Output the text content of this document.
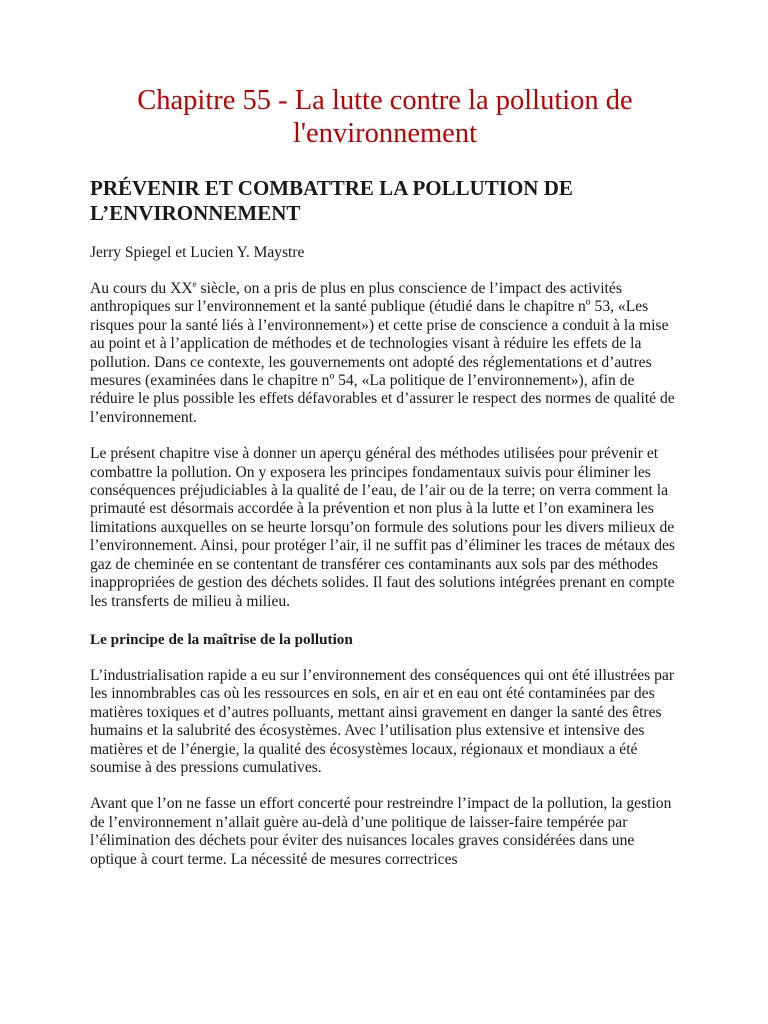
Chapitre 55 - La lutte contre la pollution de l'environnement
PRÉVENIR ET COMBATTRE LA POLLUTION DE L’ENVIRONNEMENT
Jerry Spiegel et Lucien Y. Maystre

Au cours du XXe siècle, on a pris de plus en plus conscience de l’impact des activités anthropiques sur l’environnement et la santé publique (étudié dans le chapitre nº 53, «Les risques pour la santé liés à l’environnement») et cette prise de conscience a conduit à la mise au point et à l’application de méthodes et de technologies visant à réduire les effets de la pollution. Dans ce contexte, les gouvernements ont adopté des réglementations et d’autres mesures (examinées dans le chapitre nº 54, «La politique de l’environnement»), afin de réduire le plus possible les effets défavorables et d’assurer le respect des normes de qualité de l’environnement.

Le présent chapitre vise à donner un aperçu général des méthodes utilisées pour prévenir et combattre la pollution. On y exposera les principes fondamentaux suivis pour éliminer les conséquences préjudiciables à la qualité de l’eau, de l’air ou de la terre; on verra comment la primauté est désormais accordée à la prévention et non plus à la lutte et l’on examinera les limitations auxquelles on se heurte lorsqu’on formule des solutions pour les divers milieux de l’environnement. Ainsi, pour protéger l’air, il ne suffit pas d’éliminer les traces de métaux des gaz de cheminée en se contentant de transférer ces contaminants aux sols par des méthodes inappropriées de gestion des déchets solides. Il faut des solutions intégrées prenant en compte les transferts de milieu à milieu.

Le principe de la maîtrise de la pollution

L’industrialisation rapide a eu sur l’environnement des conséquences qui ont été illustrées par les innombrables cas où les ressources en sols, en air et en eau ont été contaminées par des matières toxiques et d’autres polluants, mettant ainsi gravement en danger la santé des êtres humains et la salubrité des écosystèmes. Avec l’utilisation plus extensive et intensive des matières et de l’énergie, la qualité des écosystèmes locaux, régionaux et mondiaux a été soumise à des pressions cumulatives.

Avant que l’on ne fasse un effort concerté pour restreindre l’impact de la pollution, la gestion de l’environnement n’allait guère au-delà d’une politique de laisser-faire tempérée par l’élimination des déchets pour éviter des nuisances locales graves considérées dans une optique à court terme. La nécessité de mesures correctrices
